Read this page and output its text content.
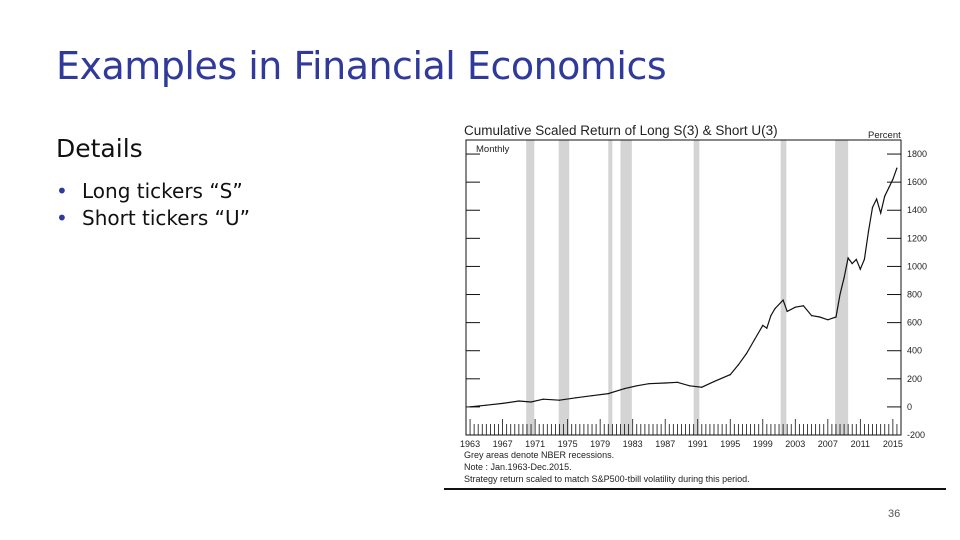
Examples in Financial Economics
Details
• Long tickers “S”
• Short tickers “U”
1800
1600
1400
1200
1000
800
600
400
200
0
-200
1963 1967 1971 1975 1979 1983 1987 1991 1995 1999 2003 2007 2011 2015
Cumulative Scaled Return of Long S(3) & Short U(3)
Monthly
Percent
Grey areas denote NBER recessions.
Note : Jan.1963-Dec.2015.
Strategy return scaled to match S&P500-tbill volatility during this period.
36
